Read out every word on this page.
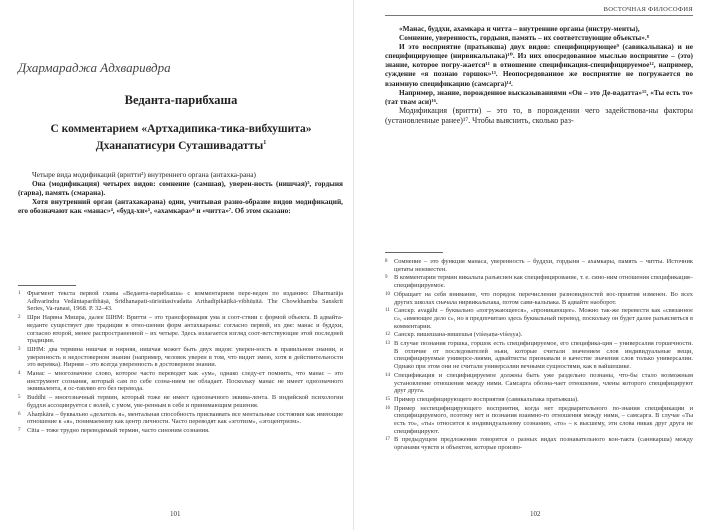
Дхармараджа Адхваривдра
Веданта-парибхаша
С комментарием «Артхадипика-тика-вибхушита» Дханапатисури Суташивадатты$^1$

Четыре вида модификаций (вритти²) внутреннего органа (антахка-рана)

Она (модификация) четырех видов: сомнение (самшая), уверен-ность (нишчая)³, гордыня (гарва), память (смарана).

Хотя внутренний орган (антахакарана) один, учитывая разно-образие видов модификаций, его обозначают как «манас»⁴, «будд-хи»⁵, «ахамкара»⁶ и «читта»⁷. Об этом сказано:

1	Фрагмент текста первой главы «Веданта-парибхаша» с комментарием пере-веден по изданию: Dharmarāja Adhvarīndra Vedāntaparibhāṣā, Śrīdhanapati-sūrisūtasivadatta Arthadīpikāṭīkā-vibhūṣitā. The Chowkhamba Sanskrit Series, Va-ranasi, 1968. P. 32–43.
2	Шри Нарвна Мишра, далее ШНМ: Вритти – это трансформация ума и соот-ствии с формой объекта. В адвайта-веданте существует две традиции в отно-шении форм антахкараны: согласно первой, их две: манас и буддхи, согласно второй, менее распространенной – их четыре. Здесь излагается взгляд соот-ветствующие этой последней традиции.
3	ШНМ: два термина нишчая и нирняя, нишчая может быть двух видов: уверен-ность в правильном знании, и уверенность в недостоверном знании (например, человек уверен в том, что видит змею, хотя в действительности это веревка). Нирняя – это всегда уверенность в достоверном знании.
4	Манас – многозначное слово, которое часто переводят как «ум», однако следу-ет помнить, что манас – это инструмент сознания, который сам по себе созна-нием не обладает. Поскольку манас не имеет однозначного эквивалента, я ос-тавляю его без перевода.
5	Buddhi – многозначный термин, который тоже не имеет однозначного эквива-лента. В индийской психологии буддхи ассоциируется с волей, с умом, уве-ренным в себе и принимающим решения.
6	Ahaṃkāra – буквально «делатель я», ментальная способность присваивать все ментальные состояния как имеющие отношение к «я», понимаемому как центр личности. Часто переводят как «эготизм», «эгоцентризм».
7	Citta – тоже трудно переводимый термин, часто синоним сознания.
101
ВОСТОЧНАЯ ФИЛОСОФИЯ

«Манас, буддхи, ахамкара и читта – внутренние органы (инстру-менты),

Сомнение, уверенность, гордыня, память – их соответствующие объекты».⁸

И это восприятие (пратьякша) двух видов: специфицирующее⁹ (савикальпака) и не специфицирующее (нирвикальпака)¹⁰. Из них опосредованное мыслью восприятие – (это) знание, которое погру-жается¹¹ в отношение спецификация-специфицируемое¹², например, суждение «я познаю горшок»¹³. Неопосредованное же восприятие не погружается во взаимную спецификацию (самсарга)¹⁴.

Например, знание, порожденное высказываниями «Он – это Де-вадатта»¹⁵, «Ты есть то» (тат твам аси)¹⁶.

Модификация (вритти) – это то, в порождении чего задействова-ны факторы (установленные ранее)¹⁷. Чтобы выяснить, сколько раз-

8	Сомнение – это функция манаса, уверенность – буддхи, гордыня – ахамкары, память – читты. Источник цитаты неизвестен.
9	В комментарии термин викальпа разъяснен как специфицирование, т. е. сино-ним отношения спецификация–специфицируемое.
10 Обращает на себя внимание, что порядок перечисления разновидностей вос-приятия изменен. Во всех других школах сначала нирвикальпака, потом сави-кальпака. В адвайте наоборот.
11 Санскр. avagāhi – буквально «погружающееся», «проникающее». Можно так-же перевести как «связанное с», «имеющее дело с», но я предпочитаю здесь буквальный перевод, поскольку он будет далее разъясняться в комментарии.
12 Санскр. вишешана-вишешья (viśeṣaṇa-viśeṣya).
13 В случае познания горшка, горшок есть специфицируемое, его специфика-ция – универсалия горшечности. В отличие от последователей ньяи, которые считали значением слов индивидуальные вещи, специфицируемые универсе-лиями, адвайтисты признавали в качестве значения слов только универсалии. Однако при этом они не считали универсалии вечными сущностями, как в вайшешике.
14 Спецификация и специфицируемое должны быть уже раздельно познаны, что-бы стало возможным установление отношения между ними. Самсарга обозна-чает отношение, члены которого специфицируют друг друга.
15 Пример специфицирующего восприятия (савикальпака пратьякша).
16 Пример неспецифицирующего восприятия, когда нет предварительного по-знания спецификации и специфицируемого, поэтому нет и познания взаимно-го отношения между ними, – самсарга. В случае «Ты есть то», «ты» относится к индивидуальному сознанию, «то» – к высшему, эти слова никак друг друга не специфицируют.
17 В предыдущем предложении говорится о разных видах познавательного кон-такта (саннкарша) между органами чувств и объектом, которые произво-
102
